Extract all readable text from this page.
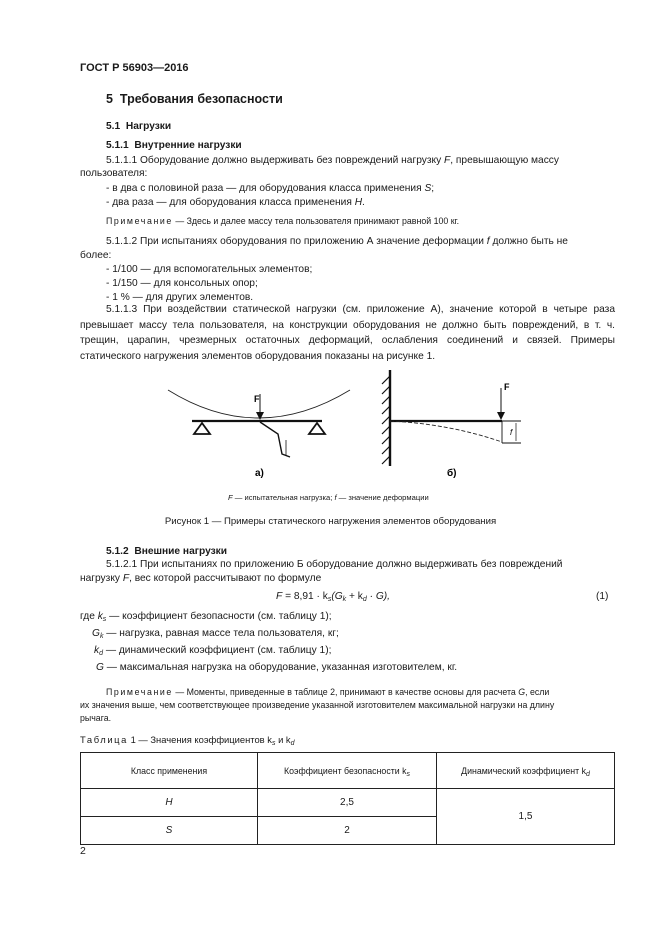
ГОСТ Р 56903—2016
5 Требования безопасности
5.1 Нагрузки
5.1.1 Внутренние нагрузки
5.1.1.1 Оборудование должно выдерживать без повреждений нагрузку F, превышающую массу
пользователя:
- в два с половиной раза — для оборудования класса применения S;
- два раза — для оборудования класса применения H.
Примечание — Здесь и далее массу тела пользователя принимают равной 100 кг.
5.1.1.2 При испытаниях оборудования по приложению А значение деформации f должно быть не
более:
- 1/100 — для вспомогательных элементов;
- 1/150 — для консольных опор;
- 1 % — для других элементов.
5.1.1.3 При воздействии статической нагрузки (см. приложение А), значение которой в четыре раза превышает массу тела пользователя, на конструкции оборудования не должно быть повреждений, в т. ч. трещин, царапин, чрезмерных остаточных деформаций, ослабления соединений и связей. Примеры статического нагружения элементов оборудования показаны на рисунке 1.
F
а)
F
f
б)
F — испытательная нагрузка; f — значение деформации
Рисунок 1 — Примеры статического нагружения элементов оборудования
5.1.2 Внешние нагрузки
5.1.2.1 При испытаниях по приложению Б оборудование должно выдерживать без повреждений
нагрузку F, вес которой рассчитывают по формуле
$F = 8,91 \cdot k_s(G_k + k_d \cdot G)$,	(1)
где $k_s$ — коэффициент безопасности (см. таблицу 1);
$G_k$ — нагрузка, равная массе тела пользователя, кг;
$k_d$ — динамический коэффициент (см. таблицу 1);
G — максимальная нагрузка на оборудование, указанная изготовителем, кг.
Примечание — Моменты, приведенные в таблице 2, принимают в качестве основы для расчета G, если
их значения выше, чем соответствующее произведение указанной изготовителем максимальной нагрузки на длину
рычага.
Таблица 1 — Значения коэффициентов $k_s$ и $k_d$
Класс применения	Коэффициент безопасности $k_s$	Динамический коэффициент $k_d$
H	2,5	1,5
S	2	
2
